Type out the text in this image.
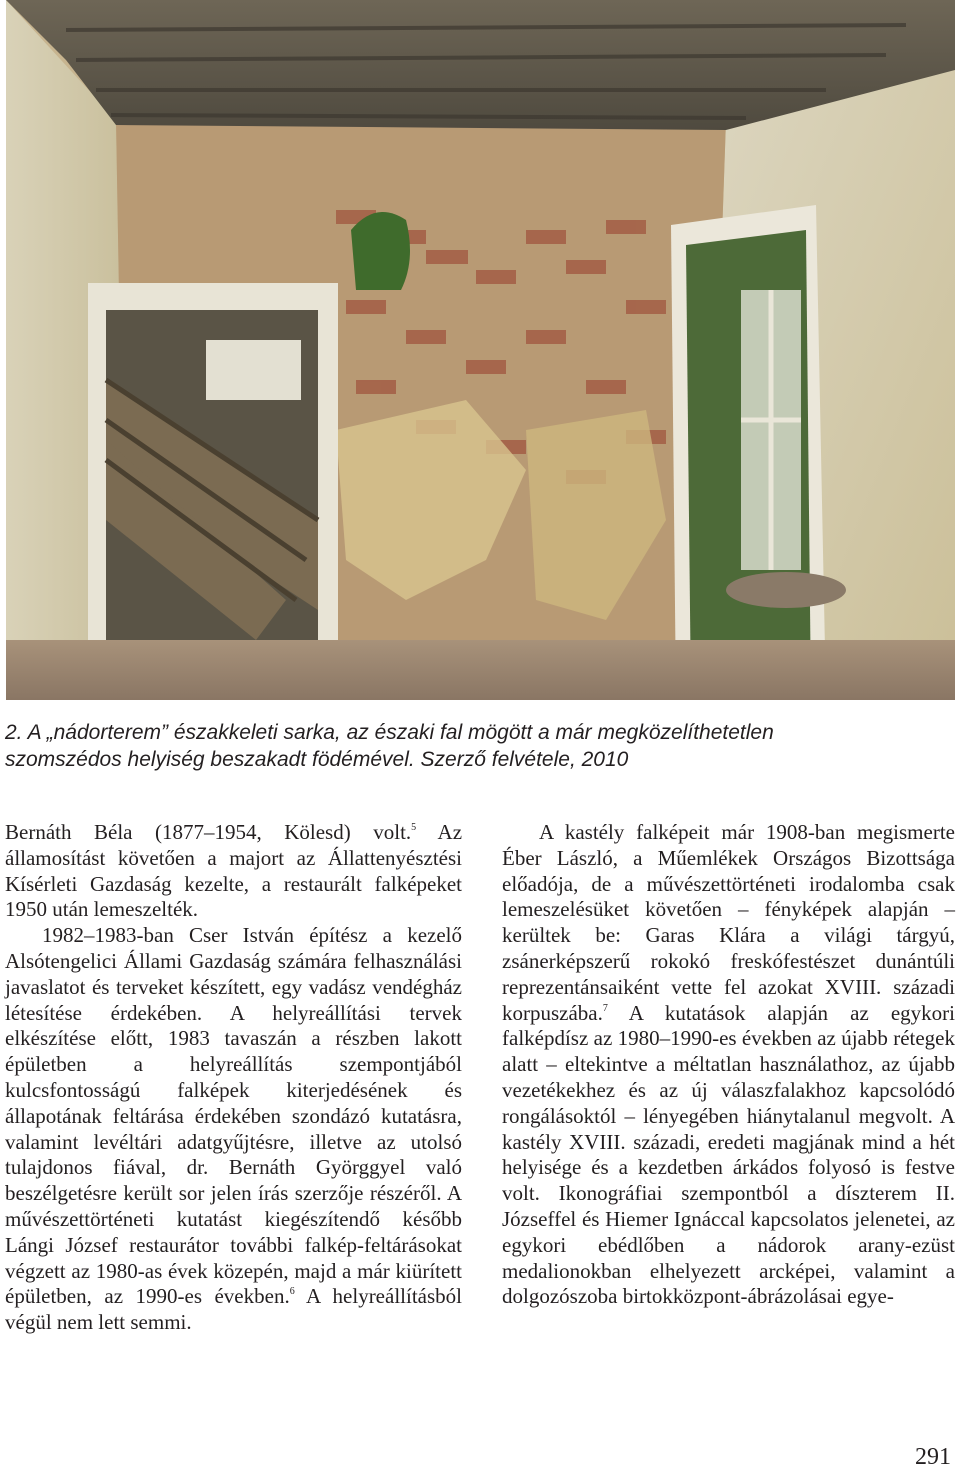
2. A „nádorterem” északkeleti sarka, az északi fal mögött a már megközelíthetetlen
szomszédos helyiség beszakadt födémével. Szerző felvétele, 2010

Bernáth Béla (1877–1954, Kölesd) volt.$^5$ Az államosítást követően a majort az Állattenyésztési Kísérleti Gazdaság kezelte, a restaurált falképeket 1950 után lemeszelték.

1982–1983-ban Cser István építész a kezelő Alsótengelici Állami Gazdaság számára felhasználási javaslatot és terveket készített, egy vadász vendégház létesítése érdekében. A helyreállítási tervek elkészítése előtt, 1983 tavaszán a részben lakott épületben a helyreállítás szempontjából kulcsfontosságú falképek kiterjedésének és állapotának feltárása érdekében szondázó kutatásra, valamint levéltári adatgyűjtésre, illetve az utolsó tulajdonos fiával, dr. Bernáth Györggyel való beszélgetésre került sor jelen írás szerzője részéről. A művészettörténeti kutatást kiegészítendő később Lángi József restaurátor további falkép-feltárásokat végzett az 1980-as évek közepén, majd a már kiürített épületben, az 1990-es években.$^6$ A helyreállításból végül nem lett semmi.

A kastély falképeit már 1908-ban megismerte Éber László, a Műemlékek Országos Bizottsága előadója, de a művészettörténeti irodalomba csak lemeszelésüket követően – fényképek alapján – kerültek be: Garas Klára a világi tárgyú, zsánerképszerű rokokó freskófestészet dunántúli reprezentánsaiként vette fel azokat XVIII. századi korpuszába.$^7$ A kutatások alapján az egykori falképdísz az 1980–1990-es években az újabb rétegek alatt – eltekintve a méltatlan használathoz, az újabb vezetékekhez és az új válaszfalakhoz kapcsolódó rongálásoktól – lényegében hiánytalanul megvolt. A kastély XVIII. századi, eredeti magjának mind a hét helyisége és a kezdetben árkádos folyosó is festve volt. Ikonográfiai szempontból a díszterem II. Józseffel és Hiemer Ignáccal kapcsolatos jelenetei, az egykori ebédlőben a nádorok arany-ezüst medalionokban elhelyezett arcképei, valamint a dolgozószoba birtokközpont-ábrázolásai egye-

291
